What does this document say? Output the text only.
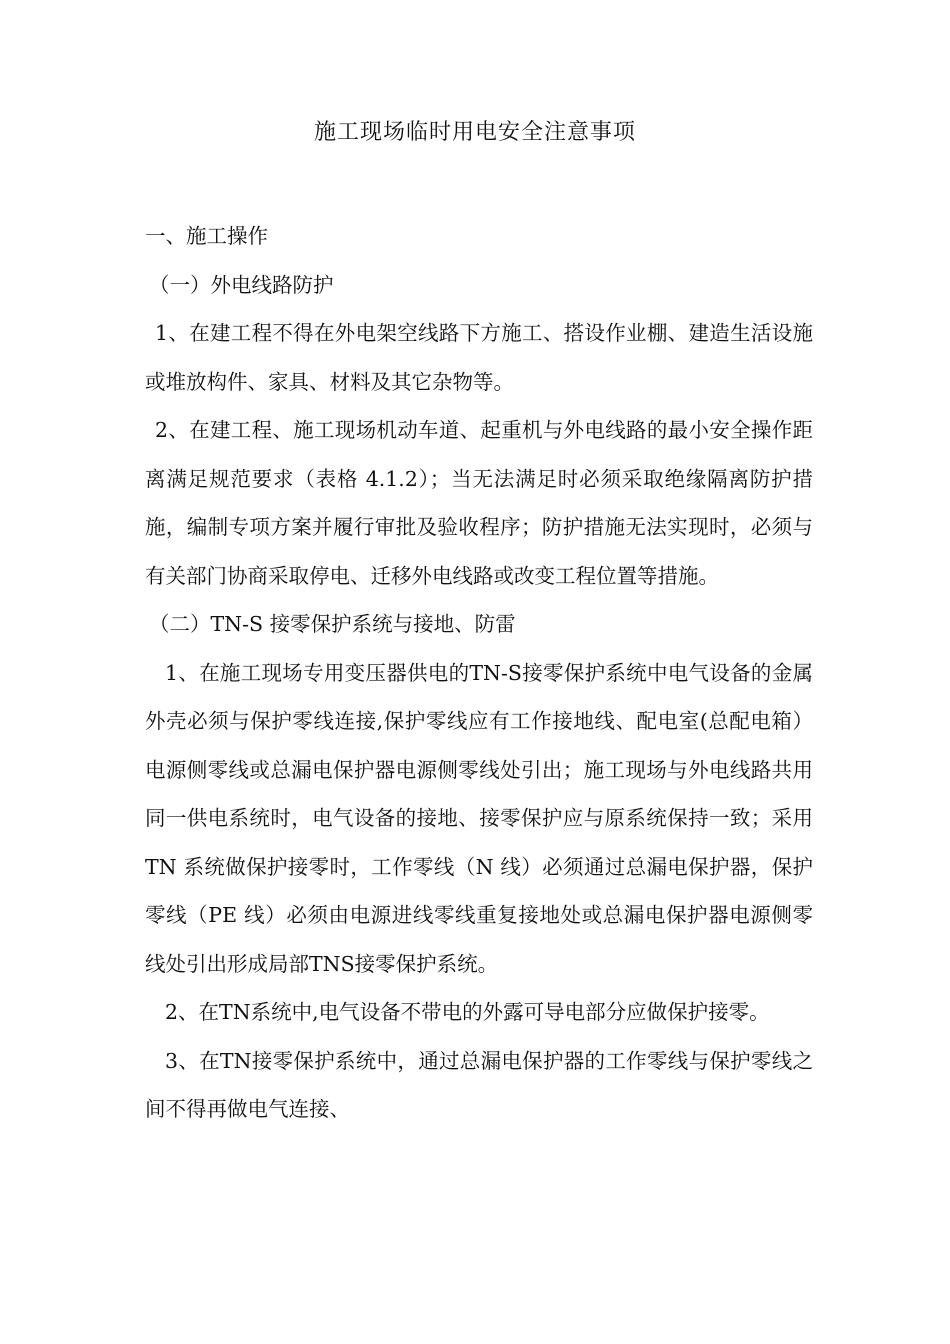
施工现场临时用电安全注意事项

一、施工操作

（一）外电线路防护

1、在建工程不得在外电架空线路下方施工、搭设作业棚、建造生活设施或堆放构件、家具、材料及其它杂物等。

2、在建工程、施工现场机动车道、起重机与外电线路的最小安全操作距离满足规范要求（表格 4.1.2）；当无法满足时必须采取绝缘隔离防护措施，编制专项方案并履行审批及验收程序；防护措施无法实现时，必须与有关部门协商采取停电、迁移外电线路或改变工程位置等措施。

（二）TN-S 接零保护系统与接地、防雷

1、在施工现场专用变压器供电的TN-S接零保护系统中电气设备的金属外壳必须与保护零线连接,保护零线应有工作接地线、配电室(总配电箱）电源侧零线或总漏电保护器电源侧零线处引出；施工现场与外电线路共用同一供电系统时，电气设备的接地、接零保护应与原系统保持一致；采用 TN 系统做保护接零时，工作零线（N 线）必须通过总漏电保护器，保护零线（PE 线）必须由电源进线零线重复接地处或总漏电保护器电源侧零线处引出形成局部TNS接零保护系统。

2、在TN系统中,电气设备不带电的外露可导电部分应做保护接零。

3、在TN接零保护系统中，通过总漏电保护器的工作零线与保护零线之间不得再做电气连接、
